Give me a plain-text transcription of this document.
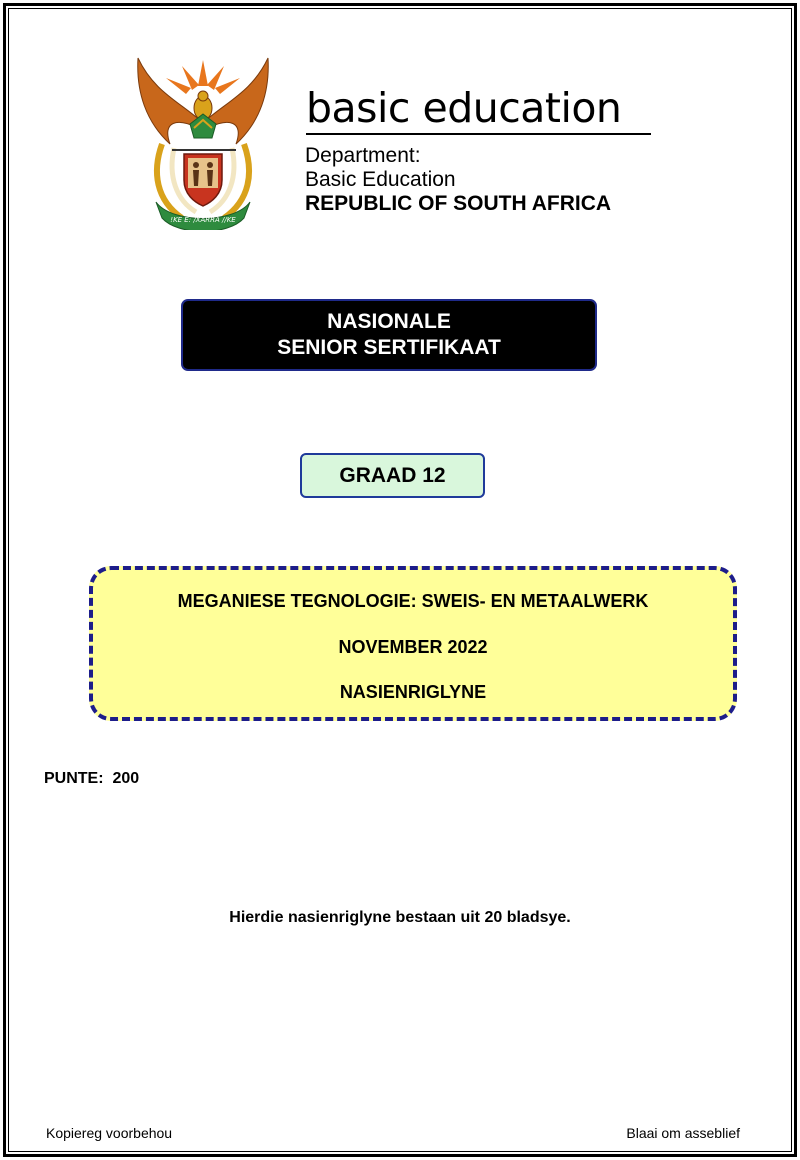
!KE E: /XARRA //KE

basic education

Department:
Basic Education
REPUBLIC OF SOUTH AFRICA
NASIONALE
SENIOR SERTIFIKAAT
GRAAD 12
MEGANIESE TEGNOLOGIE: SWEIS- EN METAALWERK
NOVEMBER 2022
NASIENRIGLYNE
PUNTE:  200
Hierdie nasienriglyne bestaan uit 20 bladsye.
Kopiereg voorbehou	Blaai om asseblief
